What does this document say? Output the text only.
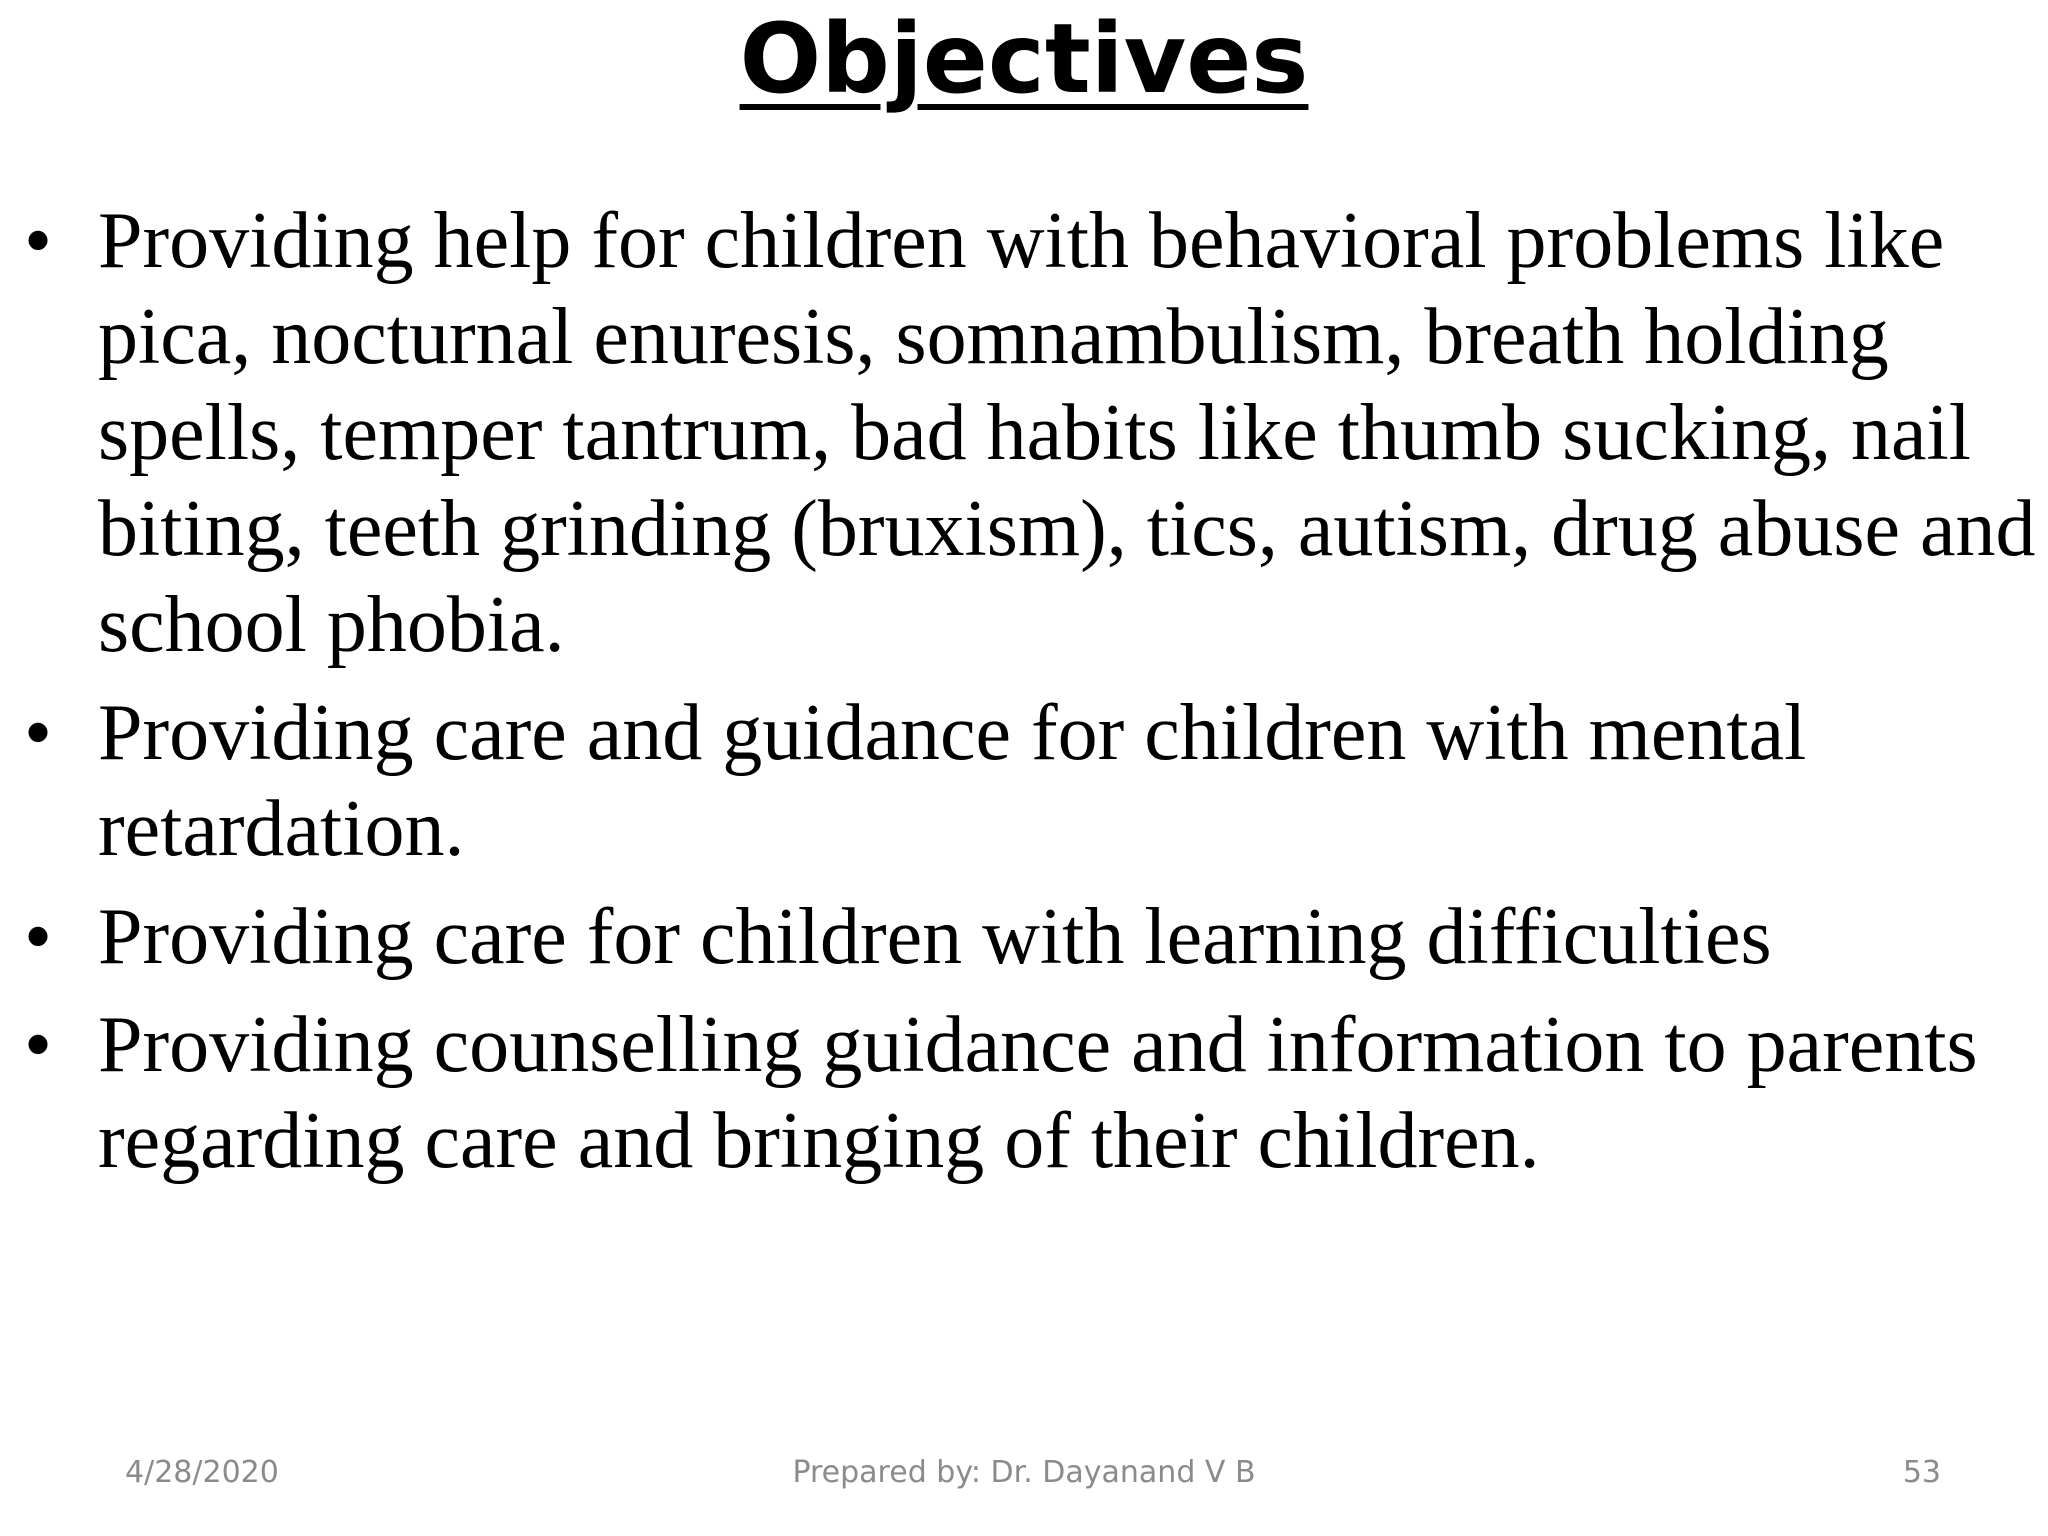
Objectives
• Providing help for children with behavioral problems like pica, nocturnal enuresis, somnambulism, breath holding spells, temper tantrum, bad habits like thumb sucking, nail biting, teeth grinding (bruxism), tics, autism, drug abuse and school phobia.
• Providing care and guidance for children with mental retardation.
• Providing care for children with learning difficulties
• Providing counselling guidance and information to parents regarding care and bringing of their children.
4/28/2020	Prepared by: Dr. Dayanand V B	53
